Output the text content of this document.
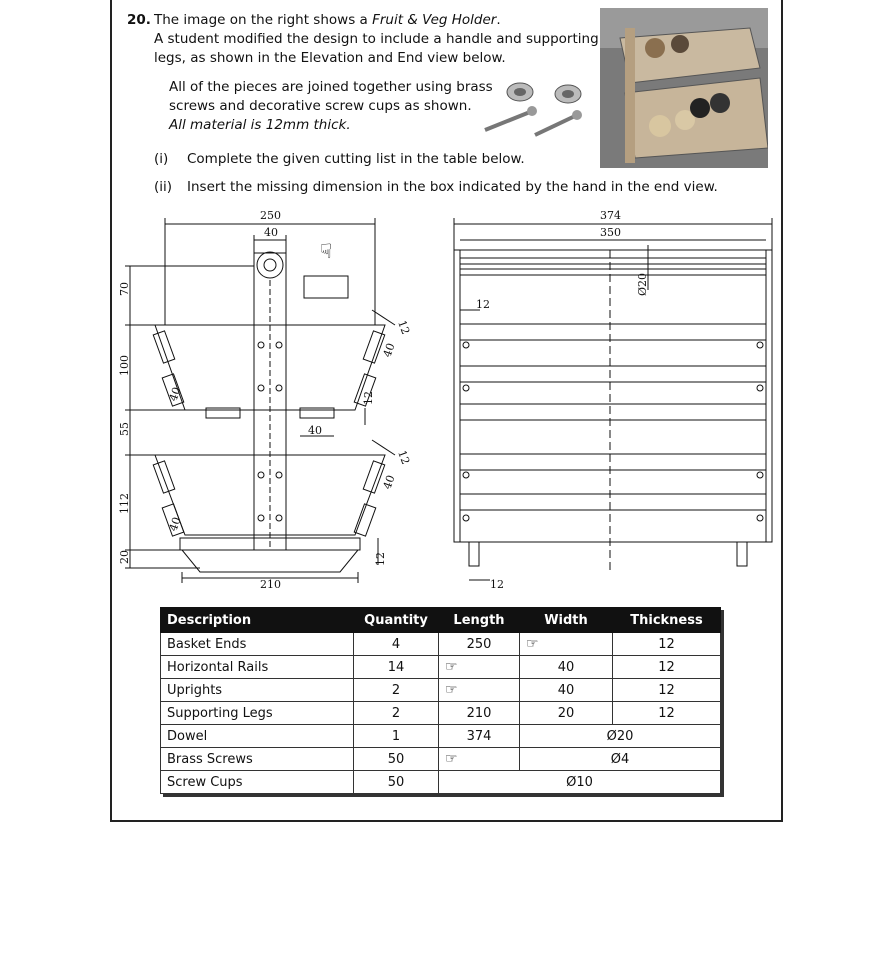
20. The image on the right shows a Fruit & Veg Holder.
A student modified the design to include a handle and supporting
legs, as shown in the Elevation and End view below.
All of the pieces are joined together using brass
screws and decorative screw cups as shown.
All material is 12mm thick.
(i) Complete the given cutting list in the table below.
(ii) Insert the missing dimension in the box indicated by the hand in the end view.
☟
250
40
210
40
70
100
55
112
20
40
40
12
40
12
12
40
12
374
350
Ø20
12
12
Description	Quantity	Length	Width	Thickness
Basket Ends	4	250	☞	12
Horizontal Rails	14	☞	40	12
Uprights	2	☞	40	12
Supporting Legs	2	210	20	12
Dowel	1	374	Ø20	
Brass Screws	50	☞	Ø4	
Screw Cups	50	Ø10		
